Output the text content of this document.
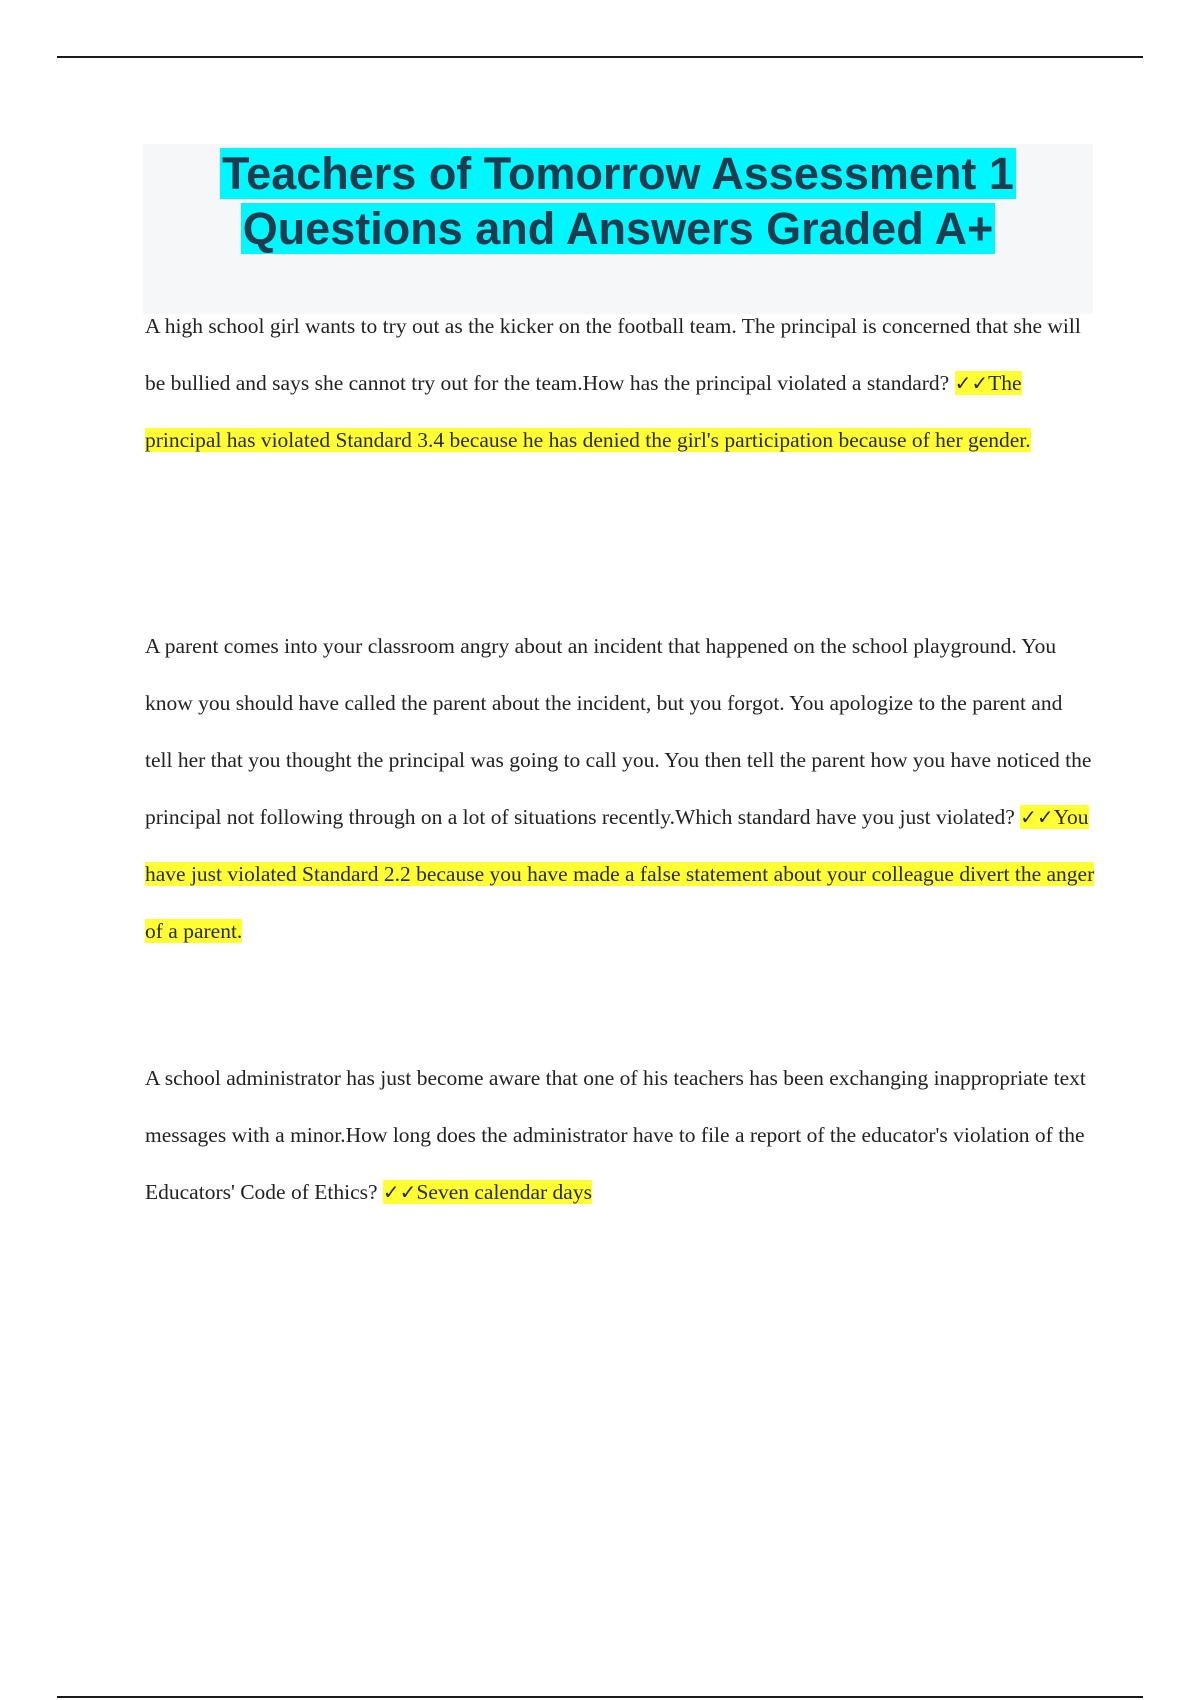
Teachers of Tomorrow Assessment 1
Questions and Answers Graded A+

A high school girl wants to try out as the kicker on the football team. The principal is concerned that she will be bullied and says she cannot try out for the team.How has the principal violated a standard? ✓✓The principal has violated Standard 3.4 because he has denied the girl's participation because of her gender.

A parent comes into your classroom angry about an incident that happened on the school playground. You know you should have called the parent about the incident, but you forgot. You apologize to the parent and tell her that you thought the principal was going to call you. You then tell the parent how you have noticed the principal not following through on a lot of situations recently.Which standard have you just violated? ✓✓You have just violated Standard 2.2 because you have made a false statement about your colleague divert the anger of a parent.

A school administrator has just become aware that one of his teachers has been exchanging inappropriate text messages with a minor.How long does the administrator have to file a report of the educator's violation of the Educators' Code of Ethics? ✓✓Seven calendar days
